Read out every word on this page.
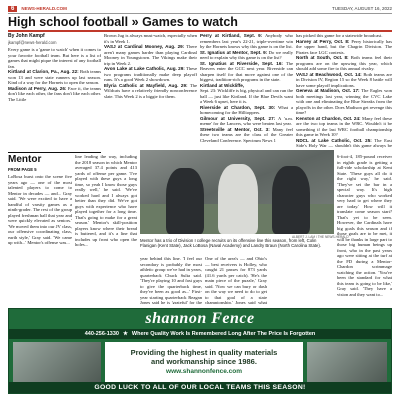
6	NEWS-HERALD.COM	TUESDAY, AUGUST 16, 2022
High school football » Games to watch
By John Kampf
jkampf@news-herald.com

Every game is a 'game to watch' when it comes to your favorite football team. But here is a list of games that might pique the interest of any football fan.

Kirtland at Clarion, Pa., Aug. 22: Both teams won 13 and were state runners up last season. Kind of a way for the Hornets to open the season.

Madison at Perry, Aug. 26: Face it, the teams don't like each other, the fans don't like each other. The Little

Brown Jug is always must-watch, especially when it's in Week 1.

VASJ at Cardinal Mooney, Aug. 29: There aren't many games harder than playing Cardinal Mooney in Youngstown. The Vikings make their trip in Week 2.

Avon Lake at Lake Catholic, Aug. 29: These two programs traditionally make deep playoff runs. It's a good Week 2 showdown.

Elyria Catholic at Mayfield, Aug. 29: The Wildcats have a relatively friendly nonconference slate. This Week 2 is a biggie for them.

Perry at Kirtland, Sept. 9: Anybody who remembers last year's 22-21, triple-overtime win by the Hornets knows why this game is on the list.

St. Ignatius at Mentor, Sept. 9: Do we really need to explain why this game is on the list?

St. Ignatius at Riverside, Sept. 16: The Beavers enter the GCC next year. Riverside can sharpen itself for that move against one of the biggest, tradition-rich programs in the state.

Kirtland at Wickliffe,

Sept. 23: Wickliffe is big, physical and can run the ball — just like Kirtland. If the Blue Devils want a Week 6 upset, here it is.

Riverside at Chardon, Sept. 30: What a homecoming for the Hilltoppers.

Gilmour at University, Sept. 27: A 'u.m. meme' for the Lancers, who were beaten last year.

Streetsville at Mentor, Oct. 3: Many feel these two teams are the class of the Greater Cleveland Conference. Spectrum News 1

has picked this game for a statewide broadcast.

Harvey at Perry, Oct. 8: Perry historically has the upper hand, but the Chagrin Division. The Pirates face LGC contests.

North at South, Oct. 8: Both teams feel their programs are on the upswing this year, which should add some fire to this annual rivalry.

VASJ at Beachwood, Oct. 14: Both teams are in Division IV, Region 15 so the Week 8 battle will have some playoff implications.

Geneva at Madison, Oct. 17: The Eagles won both meetings last year, winning the CVC Lake with one and eliminating the Blue Streaks from the playoffs in the other. Does Madison get revenge this time?

Kenston at Chardon, Oct. 24: Many feel these are the two top teams in the WRC. Wouldn't it be something if the last WRC football championship this game in Week 10?

NDCL at Lake Catholic, Oct. 25: The East Side's Holy War — shouldn't this game always be

Mentor
FROM PAGE 5

LoBosa burst onto the scene five years ago — one of the most talented players to come to Mentor in decades — and... Gray said. 'We were excited to have a handful of varsity games as a ninth-grader. The rest of the group played freshman ball that year and were quickly elevated as seniors.' 'We moved them into our JV class, our offensive coordinating class, earth style,' Gray said. 'We came up with...' Mentor's offense was...

line leading the way, including the 2018 season in which Mentor averaged 37.4 points and 413 yards of offense per game. 'I've played with these guys a long time, so yeah I know those guys really well,' he said. 'We've worked hard and I always got better than they did. We've got guys with experience who have played together for a long time. That's going to make for a great season.' Mentor's skill-position players know where their bread is buttered, and it's a line that includes up front who open the holes...

ALBERT J. LAM / THE NEWS-HERALD
Mentor has a trio of Division I college recruits on its offensive line this season, from left, Colin Flanigan (Kent State), Jack LoBosa (Naval Academy) and Landry Braun (North Carolina State).

year behind this line. 'I feel our secondary is probably the most athletic group we've had in years, quarterback Chuck Sulta said. 'They're playing 10 and fast guys to give the quarterback time, they've been as good as...' First-year starting quarterback Reagan Jones said he is 'grateful' for the

One of the area's — and Ohio's — best receivers is Holley, who caught 21 passes for 873 yards (41.6 yards per catch). 'He's the main piece of the puzzle,' Gray said. 'Now we can bury or dash on the way we need to do to get to that goal of a state championship.' Jones said what

6-foot-4, 185-pound receiver in eighth grade is getting a full-ride scholarship at Kent State. 'These guys all do it the right way,' he said. 'They've set the bar in a special way. It's high character guys who worked very hard to get where they are today.' How will it translate come season start? That's yet to be seen. However, the Cardinals have big goals this season and if those goals are to be met, it will be thanks in large part to those big human beings up front, who in the past years ago were sitting at the turf at the FD during a Mentor-Chardon scrimmage watching the action. 'You've been the standard for what this team is going to be like,' Gray said. 'They have a vision and they want to...

shannon Fence
440-256-1330 ★ Where Quality Work Is Remembered Long After The Price Is Forgotten
Providing the highest in quality materials
and workmanship since 1986.
www.shannonfence.com
GOOD LUCK TO ALL OF OUR LOCAL TEAMS THIS SEASON!
